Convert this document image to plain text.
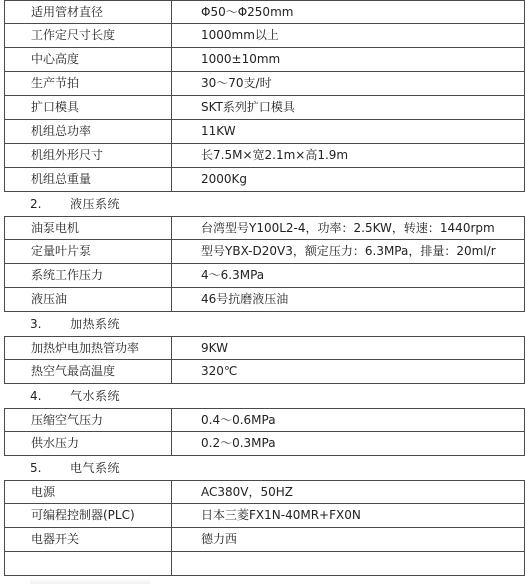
适用管材直径	Φ50～Φ250mm
工作定尺寸长度	1000mm以上
中心高度	1000±10mm
生产节拍	30～70支/时
扩口模具	SKT系列扩口模具
机组总功率	11KW
机组外形尺寸	长7.5M×宽2.1m×高1.9m
机组总重量	2000Kg
2. 液压系统
油泵电机	台湾型号Y100L2-4，功率：2.5KW，转速：1440rpm
定量叶片泵	型号YBX-D20V3，额定压力：6.3MPa，排量：20ml/r
系统工作压力	4～6.3MPa
液压油	46号抗磨液压油
3. 加热系统
加热炉电加热管功率	9KW
热空气最高温度	320℃
4. 气水系统
压缩空气压力	0.4～0.6MPa
供水压力	0.2～0.3MPa
5. 电气系统
电源	AC380V，50HZ
可编程控制器(PLC)	日本三菱FX1N-40MR+FX0N
电器开关	德力西
